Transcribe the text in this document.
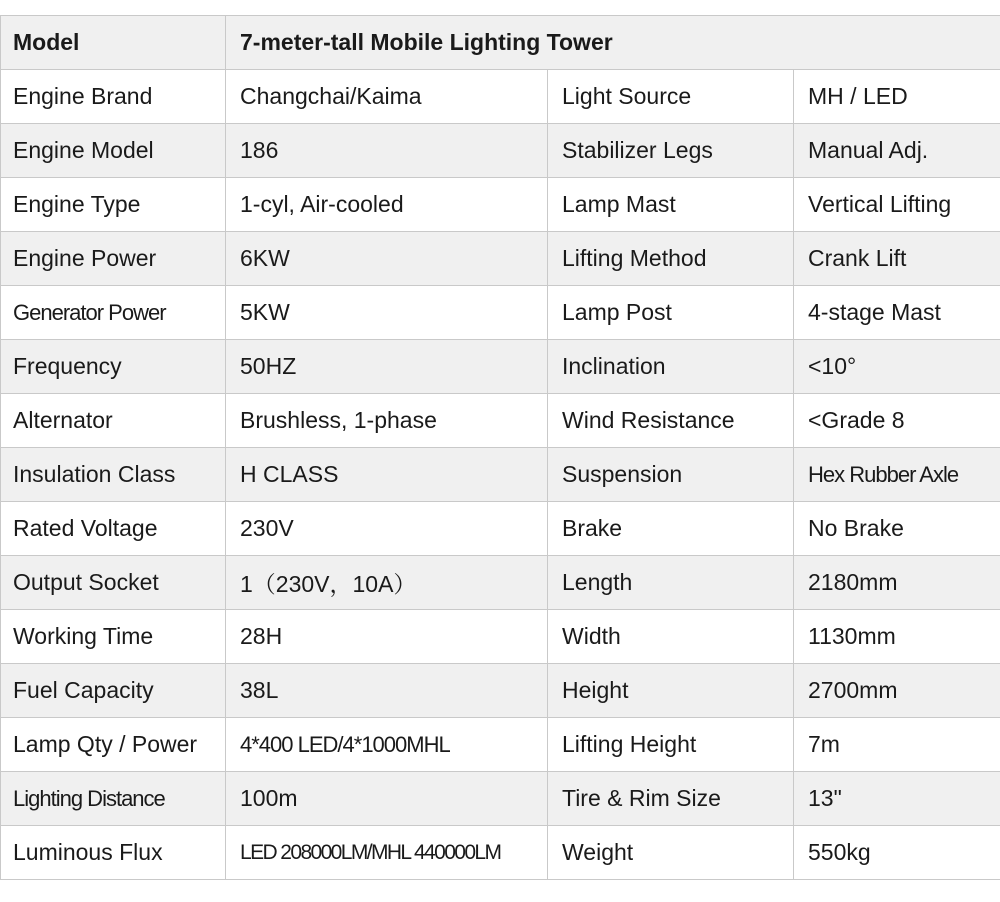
Model	7-meter-tall Mobile Lighting Tower		
Engine Brand	Changchai/Kaima	Light Source	MH / LED
Engine Model	186	Stabilizer Legs	Manual Adj.
Engine Type	1-cyl, Air-cooled	Lamp Mast	Vertical Lifting
Engine Power	6KW	Lifting Method	Crank Lift
Generator Power	5KW	Lamp Post	4-stage Mast
Frequency	50HZ	Inclination	<10°
Alternator	Brushless, 1-phase	Wind Resistance	<Grade 8
Insulation Class	H CLASS	Suspension	Hex Rubber Axle
Rated Voltage	230V	Brake	No Brake
Output Socket	1（230V，10A）	Length	2180mm
Working Time	28H	Width	1130mm
Fuel Capacity	38L	Height	2700mm
Lamp Qty / Power	4*400 LED/4*1000MHL	Lifting Height	7m
Lighting Distance	100m	Tire & Rim Size	13"
Luminous Flux	LED 208000LM/MHL 440000LM	Weight	550kg
